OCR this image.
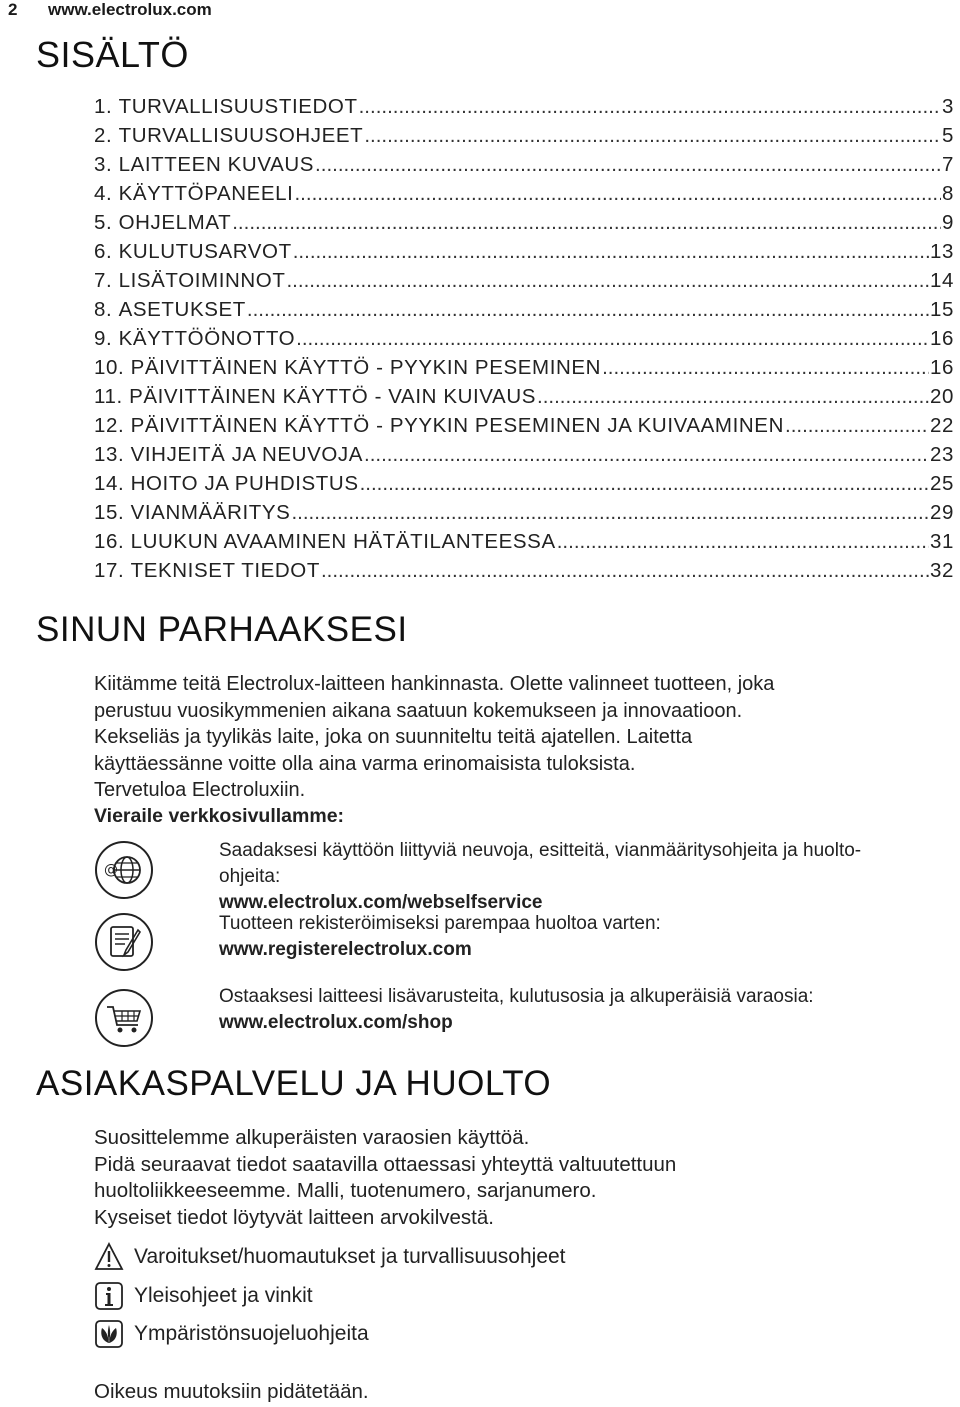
2 www.electrolux.com
SISÄLTÖ
1.
TURVALLISUUSTIEDOT .....	3
2.
TURVALLISUUSOHJEET .....	5
3.
LAITTEEN KUVAUS .....	7
4.
KÄYTTÖPANEELI .....	8
5.
OHJELMAT .....	9
6.
KULUTUSARVOT .....	13
7.
LISÄTOIMINNOT .....	14
8.
ASETUKSET .....	15
9.
KÄYTTÖÖNOTTO .....	16
10.
PÄIVITTÄINEN KÄYTTÖ - PYYKIN PESEMINEN .....	16
11.
PÄIVITTÄINEN KÄYTTÖ - VAIN KUIVAUS .....	20
12.
PÄIVITTÄINEN KÄYTTÖ - PYYKIN PESEMINEN JA KUIVAAMINEN .....	22
13.
VIHJEITÄ JA NEUVOJA .....	23
14.
HOITO JA PUHDISTUS .....	25
15.
VIANMÄÄRITYS .....	29
16.
LUUKUN AVAAMINEN HÄTÄTILANTEESSA .....	31
17.
TEKNISET TIEDOT .....	32
SINUN PARHAAKSESI
Kiitämme teitä Electrolux-laitteen hankinnasta. Olette valinneet tuotteen, joka
perustuu vuosikymmenien aikana saatuun kokemukseen ja innovaatioon.
Kekseliäs ja tyylikäs laite, joka on suunniteltu teitä ajatellen. Laitetta
käyttäessänne voitte olla aina varma erinomaisista tuloksista.
Tervetuloa Electroluxiin.
Vieraile verkkosivullamme:
@
Saadaksesi käyttöön liittyviä neuvoja, esitteitä, vianmääritysohjeita ja huolto-
ohjeita:
www.electrolux.com/webselfservice
Tuotteen rekisteröimiseksi parempaa huoltoa varten:
www.registerelectrolux.com
Ostaaksesi laitteesi lisävarusteita, kulutusosia ja alkuperäisiä varaosia:
www.electrolux.com/shop
ASIAKASPALVELU JA HUOLTO
Suosittelemme alkuperäisten varaosien käyttöä.
Pidä seuraavat tiedot saatavilla ottaessasi yhteyttä valtuutettuun
huoltoliikkeeseemme. Malli, tuotenumero, sarjanumero.
Kyseiset tiedot löytyvät laitteen arvokilvestä.
Varoitukset/huomautukset ja turvallisuusohjeet
Yleisohjeet ja vinkit
Ympäristönsuojeluohjeita
Oikeus muutoksiin pidätetään.
